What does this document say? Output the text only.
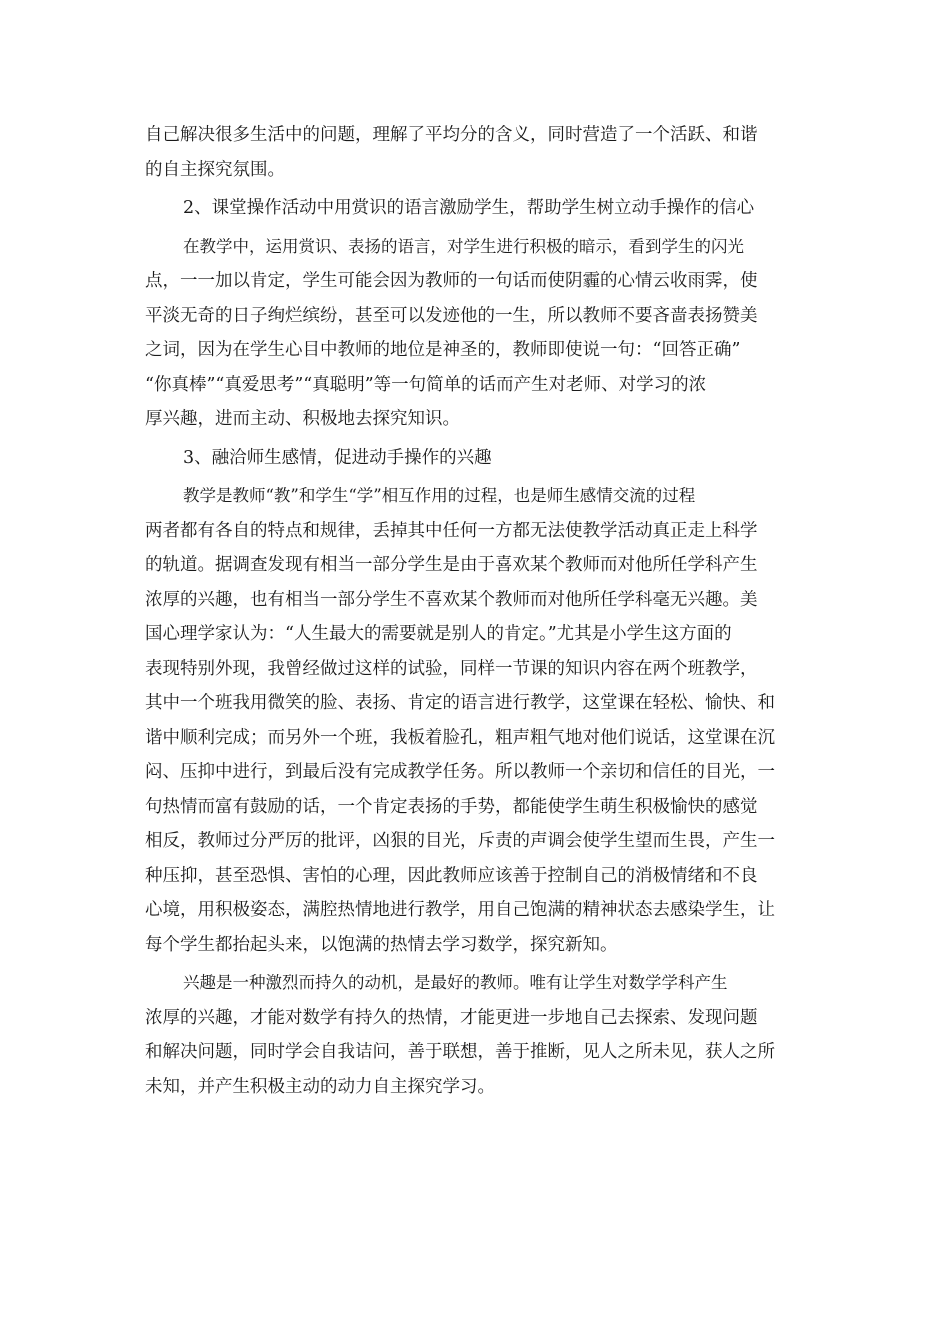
自己解决很多生活中的问题，理解了平均分的含义，同时营造了一个活跃、和谐
的自主探究氛围。
2、课堂操作活动中用赏识的语言激励学生，帮助学生树立动手操作的信心
在教学中，运用赏识、表扬的语言，对学生进行积极的暗示，看到学生的闪光
点，一一加以肯定，学生可能会因为教师的一句话而使阴霾的心情云收雨霁，使
平淡无奇的日子绚烂缤纷，甚至可以发迹他的一生，所以教师不要吝啬表扬赞美
之词，因为在学生心目中教师的地位是神圣的，教师即使说一句：“回答正确”
“你真棒”“真爱思考”“真聪明”等一句简单的话而产生对老师、对学习的浓
厚兴趣，进而主动、积极地去探究知识。
3、融洽师生感情，促进动手操作的兴趣
教学是教师“教”和学生“学”相互作用的过程，也是师生感情交流的过程
两者都有各自的特点和规律，丢掉其中任何一方都无法使教学活动真正走上科学
的轨道。据调查发现有相当一部分学生是由于喜欢某个教师而对他所任学科产生
浓厚的兴趣，也有相当一部分学生不喜欢某个教师而对他所任学科毫无兴趣。美
国心理学家认为：“人生最大的需要就是别人的肯定。”尤其是小学生这方面的
表现特别外现，我曾经做过这样的试验，同样一节课的知识内容在两个班教学，
其中一个班我用微笑的脸、表扬、肯定的语言进行教学，这堂课在轻松、愉快、和
谐中顺利完成；而另外一个班，我板着脸孔，粗声粗气地对他们说话，这堂课在沉
闷、压抑中进行，到最后没有完成教学任务。所以教师一个亲切和信任的目光，一
句热情而富有鼓励的话，一个肯定表扬的手势，都能使学生萌生积极愉快的感觉
相反，教师过分严厉的批评，凶狠的目光，斥责的声调会使学生望而生畏，产生一
种压抑，甚至恐惧、害怕的心理，因此教师应该善于控制自己的消极情绪和不良
心境，用积极姿态，满腔热情地进行教学，用自己饱满的精神状态去感染学生，让
每个学生都抬起头来，以饱满的热情去学习数学，探究新知。
兴趣是一种激烈而持久的动机，是最好的教师。唯有让学生对数学学科产生
浓厚的兴趣，才能对数学有持久的热情，才能更进一步地自己去探索、发现问题
和解决问题，同时学会自我诘问，善于联想，善于推断，见人之所未见，获人之所
未知，并产生积极主动的动力自主探究学习。
